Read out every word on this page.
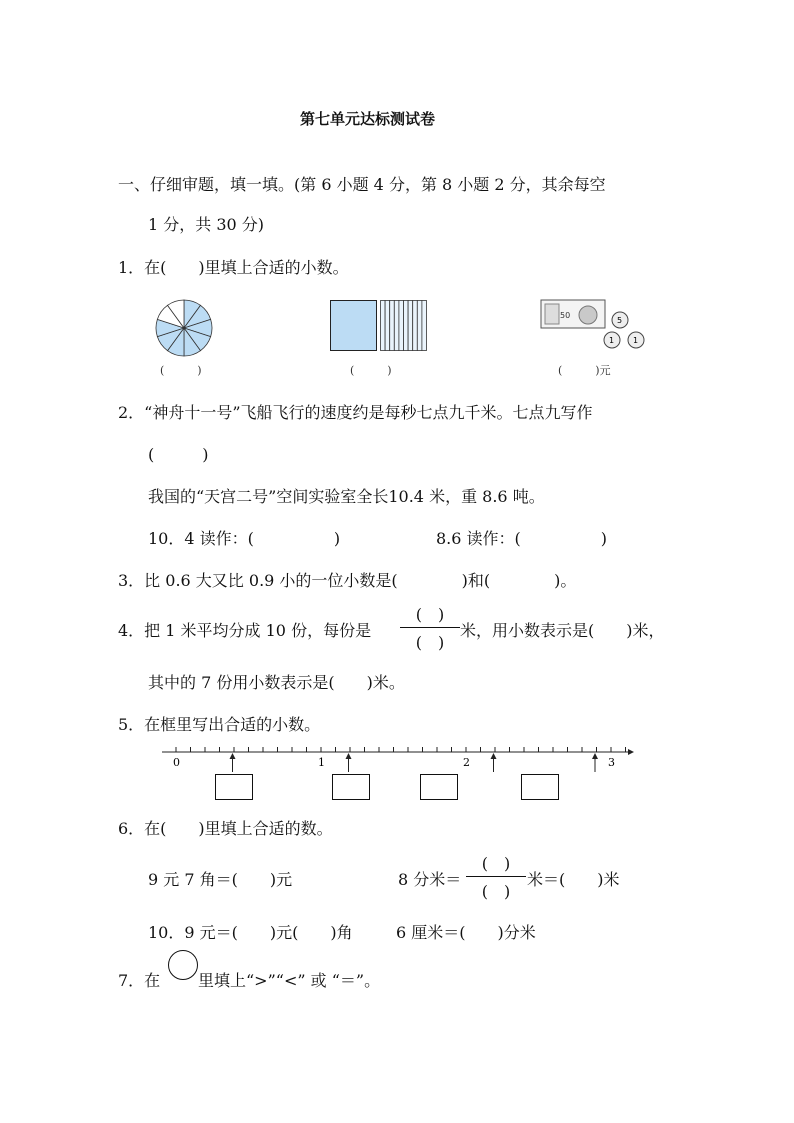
第七单元达标测试卷
一、仔细审题，填一填。(第 6 小题 4 分，第 8 小题 2 分，其余每空
1 分，共 30 分)
1．在(　　)里填上合适的小数。
(　　　)	(　　　)
50
5
1 1
(　　　)元
2．“神舟十一号”飞船飞行的速度约是每秒七点九千米。七点九写作
(　　　)
我国的“天宫二号”空间实验室全长10.4 米，重 8.6 吨。
10．4 读作：(　　　　　)	8.6 读作：(　　　　　)
3．比 0.6 大又比 0.9 小的一位小数是(　　　　)和(　　　　)。
4．把 1 米平均分成 10 份，每份是
(　)
(　)
米，用小数表示是(　　)米，
其中的 7 份用小数表示是(　　)米。
5．在框里写出合适的小数。
0	1	2	3
6．在(　　)里填上合适的数。
9 元 7 角＝(　　)元	8 分米＝
(　)
(　)
米＝(　　)米
10．9 元＝(　　)元(　　)角	6 厘米＝(　　)分米
7．在 里填上“>”“<” 或 “＝”。
